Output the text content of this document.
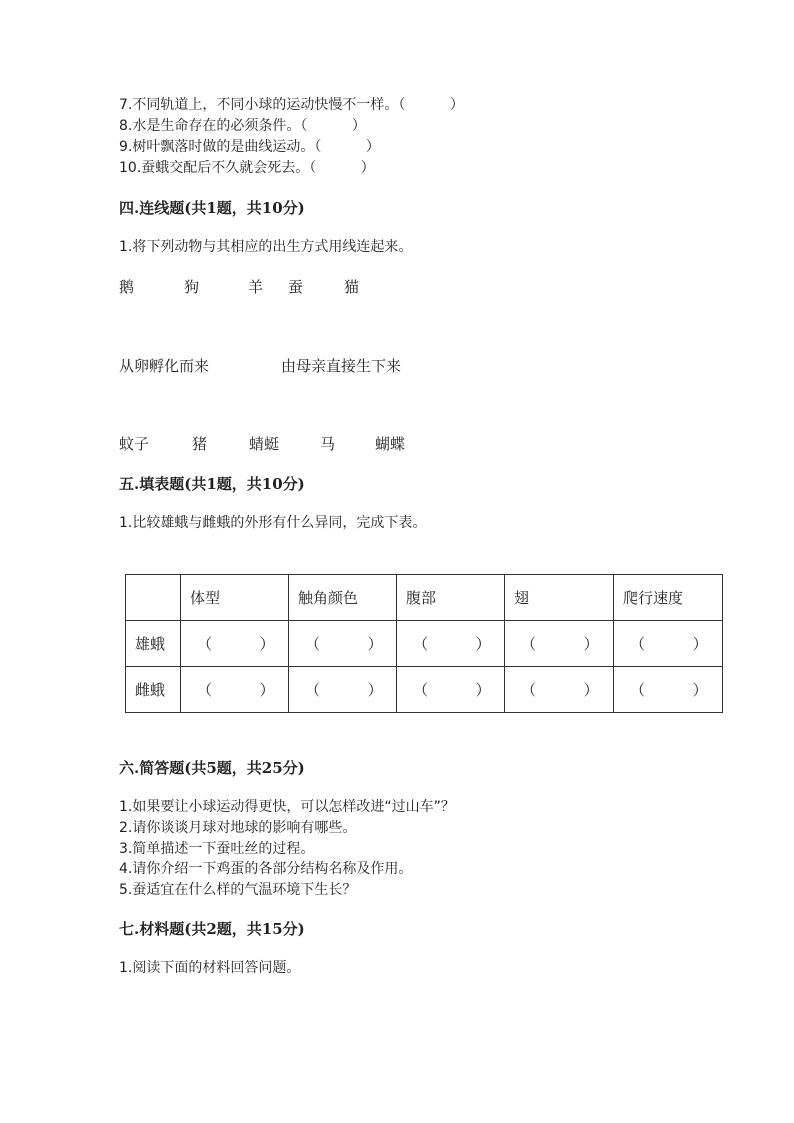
7.不同轨道上，不同小球的运动快慢不一样。（          ）
8.水是生命存在的必须条件。（          ）
9.树叶飘落时做的是曲线运动。（          ）
10.蚕蛾交配后不久就会死去。（          ）
四.连线题(共1题，共10分)
1.将下列动物与其相应的出生方式用线连起来。
鹅	狗	羊 蚕	猫
从卵孵化而来	由母亲直接生下来
蚊子	猪	蜻蜓	马	蝴蝶
五.填表题(共1题，共10分)
1.比较雄蛾与雌蛾的外形有什么异同，完成下表。
	体型	触角颜色	腹部	翅	爬行速度
雄蛾	（          ）	（          ）	（          ）	（          ）	（          ）
雌蛾	（          ）	（          ）	（          ）	（          ）	（          ）
六.简答题(共5题，共25分)
1.如果要让小球运动得更快，可以怎样改进“过山车”？
2.请你谈谈月球对地球的影响有哪些。
3.简单描述一下蚕吐丝的过程。
4.请你介绍一下鸡蛋的各部分结构名称及作用。
5.蚕适宜在什么样的气温环境下生长？
七.材料题(共2题，共15分)
1.阅读下面的材料回答问题。
